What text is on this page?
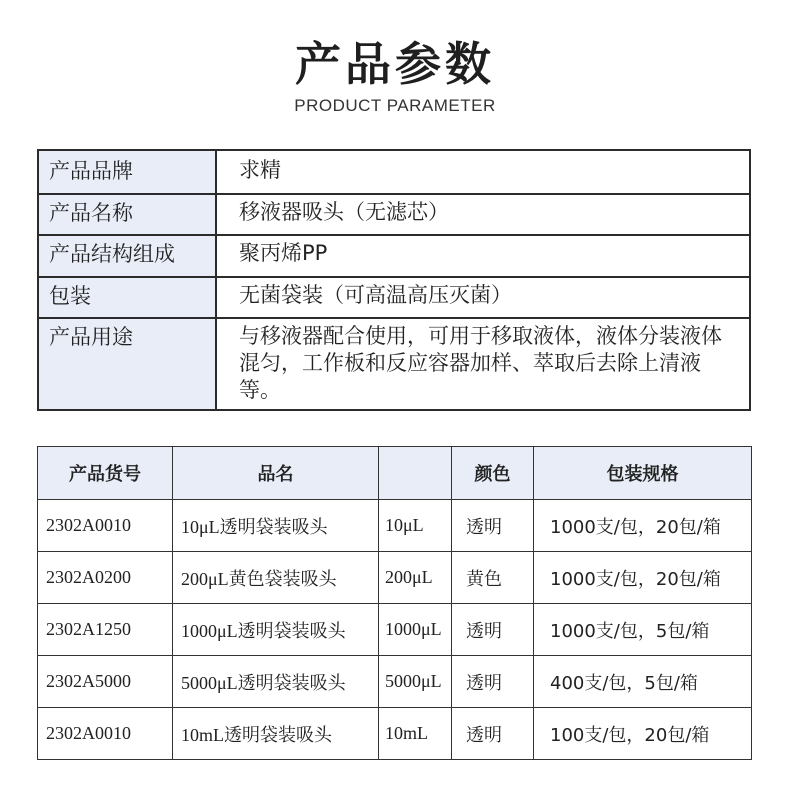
产品参数
PRODUCT PARAMETER
产品品牌	求精
产品名称	移液器吸头（无滤芯）
产品结构组成	聚丙烯PP
包装	无菌袋装（可高温高压灭菌）
产品用途	与移液器配合使用，可用于移取液体，液体分装液体混匀，工作板和反应容器加样、萃取后去除上清液等。
产品货号	品名		颜色	包装规格
2302A0010	10μL透明袋装吸头	10μL	透明	1000支/包，20包/箱
2302A0200	200μL黄色袋装吸头	200μL	黄色	1000支/包，20包/箱
2302A1250	1000μL透明袋装吸头	1000μL	透明	1000支/包，5包/箱
2302A5000	5000μL透明袋装吸头	5000μL	透明	400支/包，5包/箱
2302A0010	10mL透明袋装吸头	10mL	透明	100支/包，20包/箱
